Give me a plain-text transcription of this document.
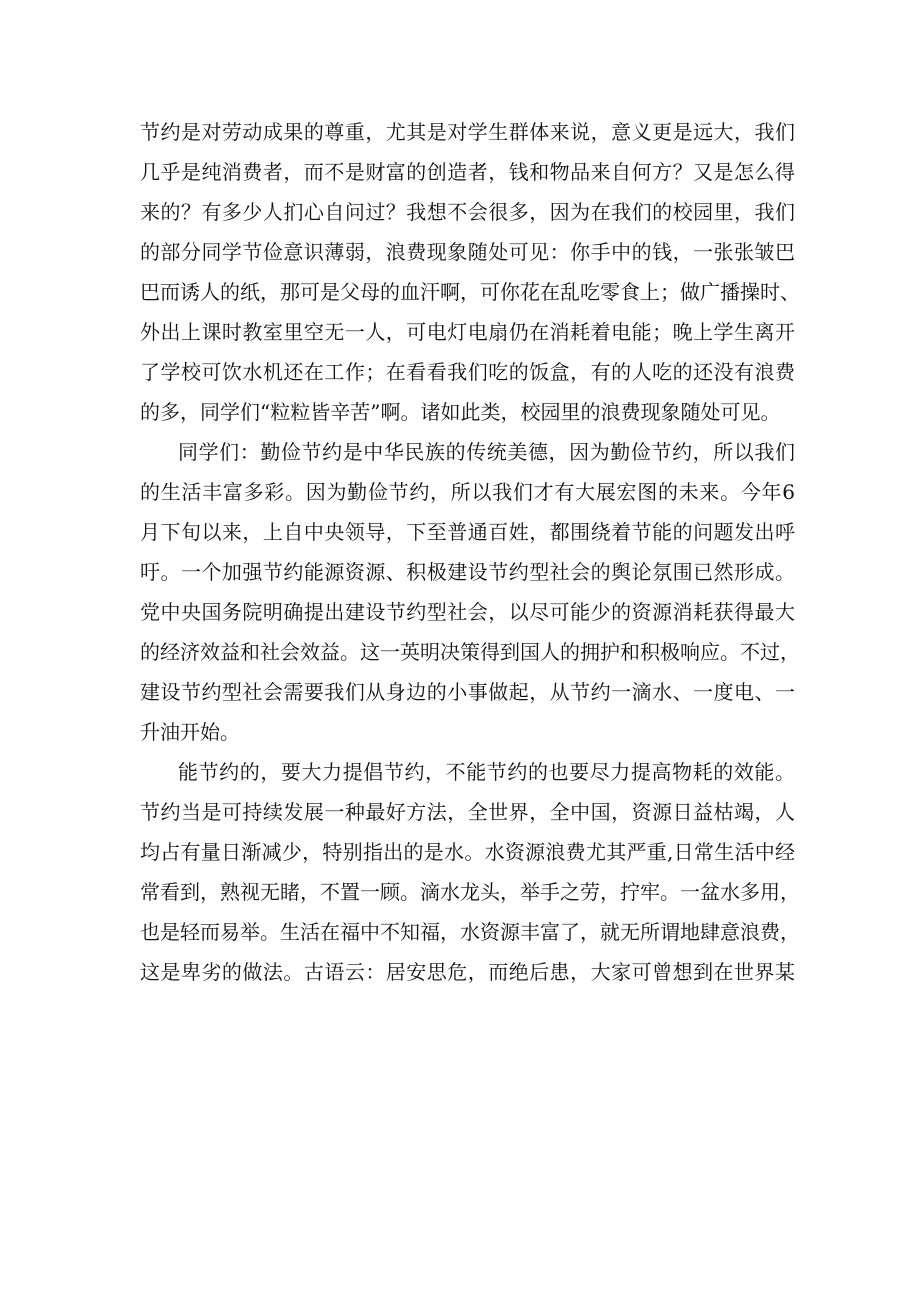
节约是对劳动成果的尊重，尤其是对学生群体来说，意义更是远大，我们
几乎是纯消费者，而不是财富的创造者，钱和物品来自何方？又是怎么得
来的？有多少人扪心自问过？我想不会很多，因为在我们的校园里，我们
的部分同学节俭意识薄弱，浪费现象随处可见：你手中的钱，一张张皱巴
巴而诱人的纸，那可是父母的血汗啊，可你花在乱吃零食上；做广播操时、
外出上课时教室里空无一人，可电灯电扇仍在消耗着电能；晚上学生离开
了学校可饮水机还在工作；在看看我们吃的饭盒，有的人吃的还没有浪费
的多，同学们“粒粒皆辛苦”啊。诸如此类，校园里的浪费现象随处可见。
同学们：勤俭节约是中华民族的传统美德，因为勤俭节约，所以我们
的生活丰富多彩。因为勤俭节约，所以我们才有大展宏图的未来。今年6
月下旬以来，上自中央领导，下至普通百姓，都围绕着节能的问题发出呼
吁。一个加强节约能源资源、积极建设节约型社会的舆论氛围已然形成。
党中央国务院明确提出建设节约型社会，以尽可能少的资源消耗获得最大
的经济效益和社会效益。这一英明决策得到国人的拥护和积极响应。不过，
建设节约型社会需要我们从身边的小事做起，从节约一滴水、一度电、一
升油开始。
能节约的，要大力提倡节约，不能节约的也要尽力提高物耗的效能。
节约当是可持续发展一种最好方法，全世界，全中国，资源日益枯竭，人
均占有量日渐减少，特别指出的是水。水资源浪费尤其严重,日常生活中经
常看到，熟视无睹，不置一顾。滴水龙头，举手之劳，拧牢。一盆水多用，
也是轻而易举。生活在福中不知福，水资源丰富了，就无所谓地肆意浪费，
这是卑劣的做法。古语云：居安思危，而绝后患，大家可曾想到在世界某
